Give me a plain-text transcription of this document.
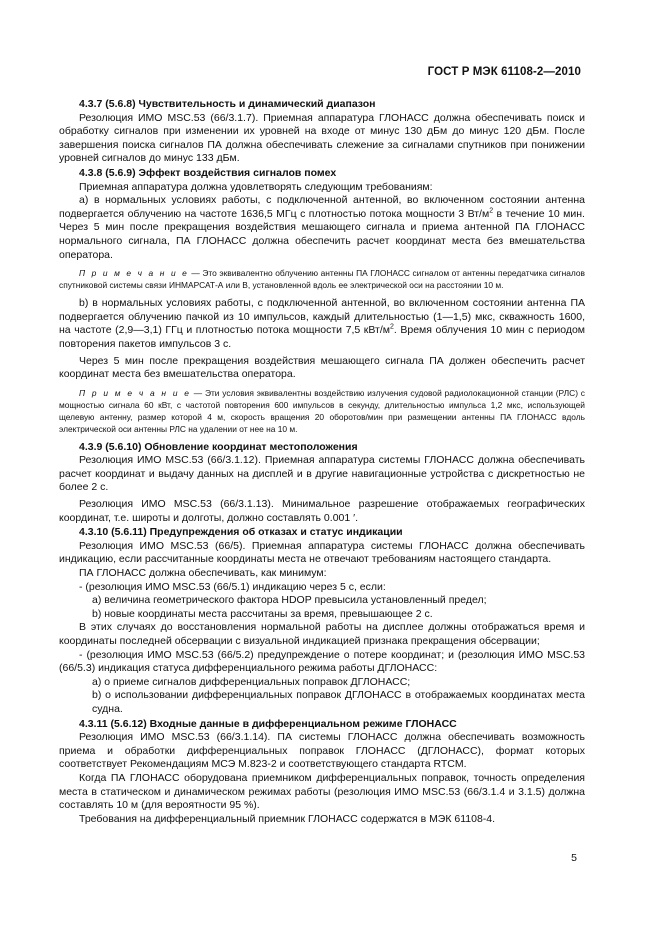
ГОСТ Р МЭК 61108-2—2010

4.3.7 (5.6.8) Чувствительность и динамический диапазон

Резолюция ИМО MSC.53 (66/3.1.7). Приемная аппаратура ГЛОНАСС должна обеспечивать поиск и обработку сигналов при изменении их уровней на входе от минус 130 дБм до минус 120 дБм. После завершения поиска сигналов ПА должна обеспечивать слежение за сигналами спутников при понижении уровней сигналов до минус 133 дБм.

4.3.8 (5.6.9) Эффект воздействия сигналов помех

Приемная аппаратура должна удовлетворять следующим требованиям:

а) в нормальных условиях работы, с подключенной антенной, во включенном состоянии антенна подвергается облучению на частоте 1636,5 МГц с плотностью потока мощности 3 $Вт/м^2$ в течение 10 мин. Через 5 мин после прекращения воздействия мешающего сигнала и приема антенной ПА ГЛОНАСС нормального сигнала, ПА ГЛОНАСС должна обеспечить расчет координат места без вмешательства оператора.

П р и м е ч а н и е — Это эквивалентно облучению антенны ПА ГЛОНАСС сигналом от антенны передатчика сигналов спутниковой системы связи ИНМАРСАТ-А или В, установленной вдоль ее электрической оси на расстоянии 10 м.

b) в нормальных условиях работы, с подключенной антенной, во включенном состоянии антенна ПА подвергается облучению пачкой из 10 импульсов, каждый длительностью (1—1,5) мкс, скважность 1600, на частоте (2,9—3,1) ГГц и плотностью потока мощности 7,5 кВт/$м^2$. Время облучения 10 мин с периодом повторения пакетов импульсов 3 с.

Через 5 мин после прекращения воздействия мешающего сигнала ПА должен обеспечить расчет координат места без вмешательства оператора.

П р и м е ч а н и е — Эти условия эквивалентны воздействию излучения судовой радиолокационной станции (РЛС) с мощностью сигнала 60 кВт, с частотой повторения 600 импульсов в секунду, длительностью импульса 1,2 мкс, использующей щелевую антенну, размер которой 4 м, скорость вращения 20 оборотов/мин при размещении антенны ПА ГЛОНАСС вдоль электрической оси антенны РЛС на удалении от нее на 10 м.

4.3.9 (5.6.10) Обновление координат местоположения

Резолюция ИМО MSC.53 (66/3.1.12). Приемная аппаратура системы ГЛОНАСС должна обеспечивать расчет координат и выдачу данных на дисплей и в другие навигационные устройства с дискретностью не более 2 с.

Резолюция ИМО MSC.53 (66/3.1.13). Минимальное разрешение отображаемых географических координат, т.е. широты и долготы, должно составлять 0.001 ′.

4.3.10 (5.6.11) Предупреждения об отказах и статус индикации

Резолюция ИМО MSC.53 (66/5). Приемная аппаратура системы ГЛОНАСС должна обеспечивать индикацию, если рассчитанные координаты места не отвечают требованиям настоящего стандарта.

ПА ГЛОНАСС должна обеспечивать, как минимум:

- (резолюция ИМО MSC.53 (66/5.1) индикацию через 5 с, если:

а) величина геометрического фактора HDOP превысила установленный предел;

b) новые координаты места рассчитаны за время, превышающее 2 с.

В этих случаях до восстановления нормальной работы на дисплее должны отображаться время и координаты последней обсервации с визуальной индикацией признака прекращения обсервации;

- (резолюция ИМО MSC.53 (66/5.2) предупреждение о потере координат; и (резолюция ИМО MSC.53 (66/5.3) индикация статуса дифференциального режима работы ДГЛОНАСС:

а) о приеме сигналов дифференциальных поправок ДГЛОНАСС;

b) о использовании дифференциальных поправок ДГЛОНАСС в отображаемых координатах места судна.

4.3.11 (5.6.12) Входные данные в дифференциальном режиме ГЛОНАСС

Резолюция ИМО MSC.53 (66/3.1.14). ПА системы ГЛОНАСС должна обеспечивать возможность приема и обработки дифференциальных поправок ГЛОНАСС (ДГЛОНАСС), формат которых соответствует Рекомендациям МСЭ М.823-2 и соответствующего стандарта RTCM.

Когда ПА ГЛОНАСС оборудована приемником дифференциальных поправок, точность определения места в статическом и динамическом режимах работы (резолюция ИМО MSC.53 (66/3.1.4 и 3.1.5) должна составлять 10 м (для вероятности 95 %).

Требования на дифференциальный приемник ГЛОНАСС содержатся в МЭК 61108-4.

5
